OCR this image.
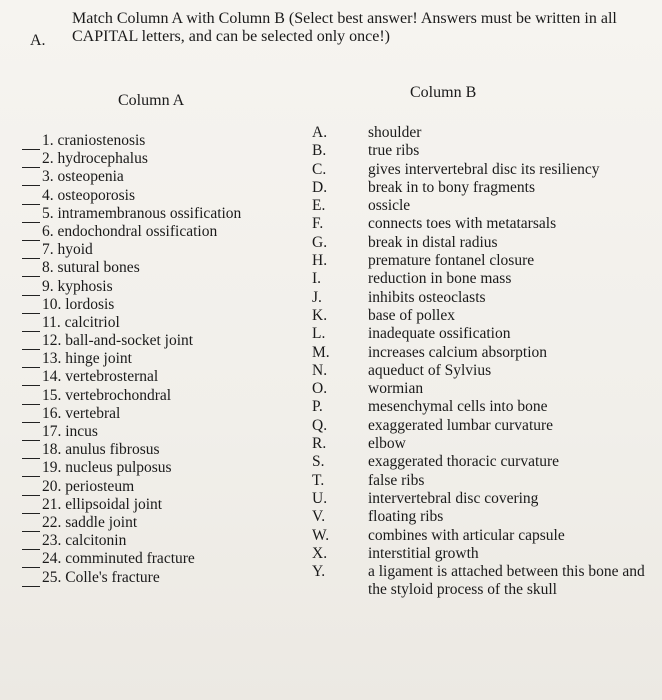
A.
Match Column A with Column B (Select best answer! Answers must be written in all CAPITAL letters, and can be selected only once!)
Column A	Column B
1. craniostenosis
2. hydrocephalus
3. osteopenia
4. osteoporosis
5. intramembranous ossification
6. endochondral ossification
7. hyoid
8. sutural bones
9. kyphosis
10. lordosis
11. calcitriol
12. ball-and-socket joint
13. hinge joint
14. vertebrosternal
15. vertebrochondral
16. vertebral
17. incus
18. anulus fibrosus
19. nucleus pulposus
20. periosteum
21. ellipsoidal joint
22. saddle joint
23. calcitonin
24. comminuted fracture
25. Colle's fracture
A.	shoulder
B.	true ribs
C.	gives intervertebral disc its resiliency
D.	break in to bony fragments
E.	ossicle
F.	connects toes with metatarsals
G.	break in distal radius
H.	premature fontanel closure
I.	reduction in bone mass
J.	inhibits osteoclasts
K.	base of pollex
L.	inadequate ossification
M.	increases calcium absorption
N.	aqueduct of Sylvius
O.	wormian
P.	mesenchymal cells into bone
Q.	exaggerated lumbar curvature
R.	elbow
S.	exaggerated thoracic curvature
T.	false ribs
U.	intervertebral disc covering
V.	floating ribs
W.	combines with articular capsule
X.	interstitial growth
Y.	a ligament is attached between this bone and the styloid process of the skull
